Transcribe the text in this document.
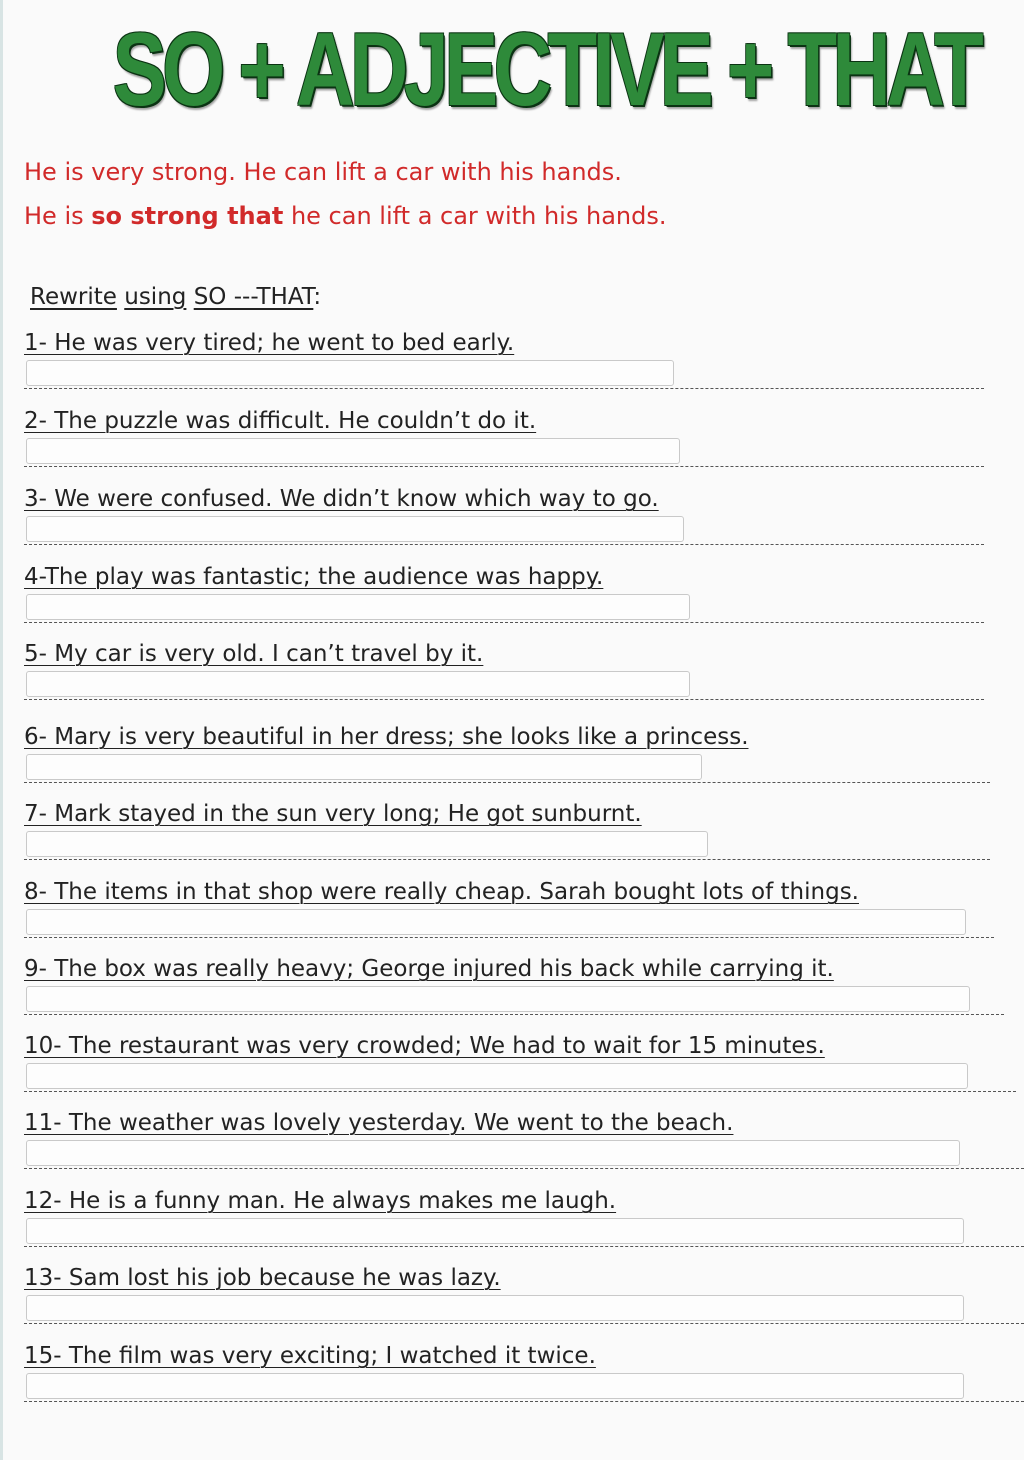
SO + ADJECTIVE + THAT
He is very strong. He can lift a car with his hands.
He is so strong that he can lift a car with his hands.
Rewrite using SO ---THAT:
1- He was very tired; he went to bed early.
2- The puzzle was difficult. He couldn’t do it.
3- We were confused. We didn’t know which way to go.
4-The play was fantastic; the audience was happy.
5- My car is very old. I can’t travel by it.
6- Mary is very beautiful in her dress; she looks like a princess.
7- Mark stayed in the sun very long; He got sunburnt.
8- The items in that shop were really cheap. Sarah bought lots of things.
9- The box was really heavy; George injured his back while carrying it.
10- The restaurant was very crowded; We had to wait for 15 minutes.
11- The weather was lovely yesterday. We went to the beach.
12- He is a funny man. He always makes me laugh.
13- Sam lost his job because he was lazy.
15- The film was very exciting; I watched it twice.
